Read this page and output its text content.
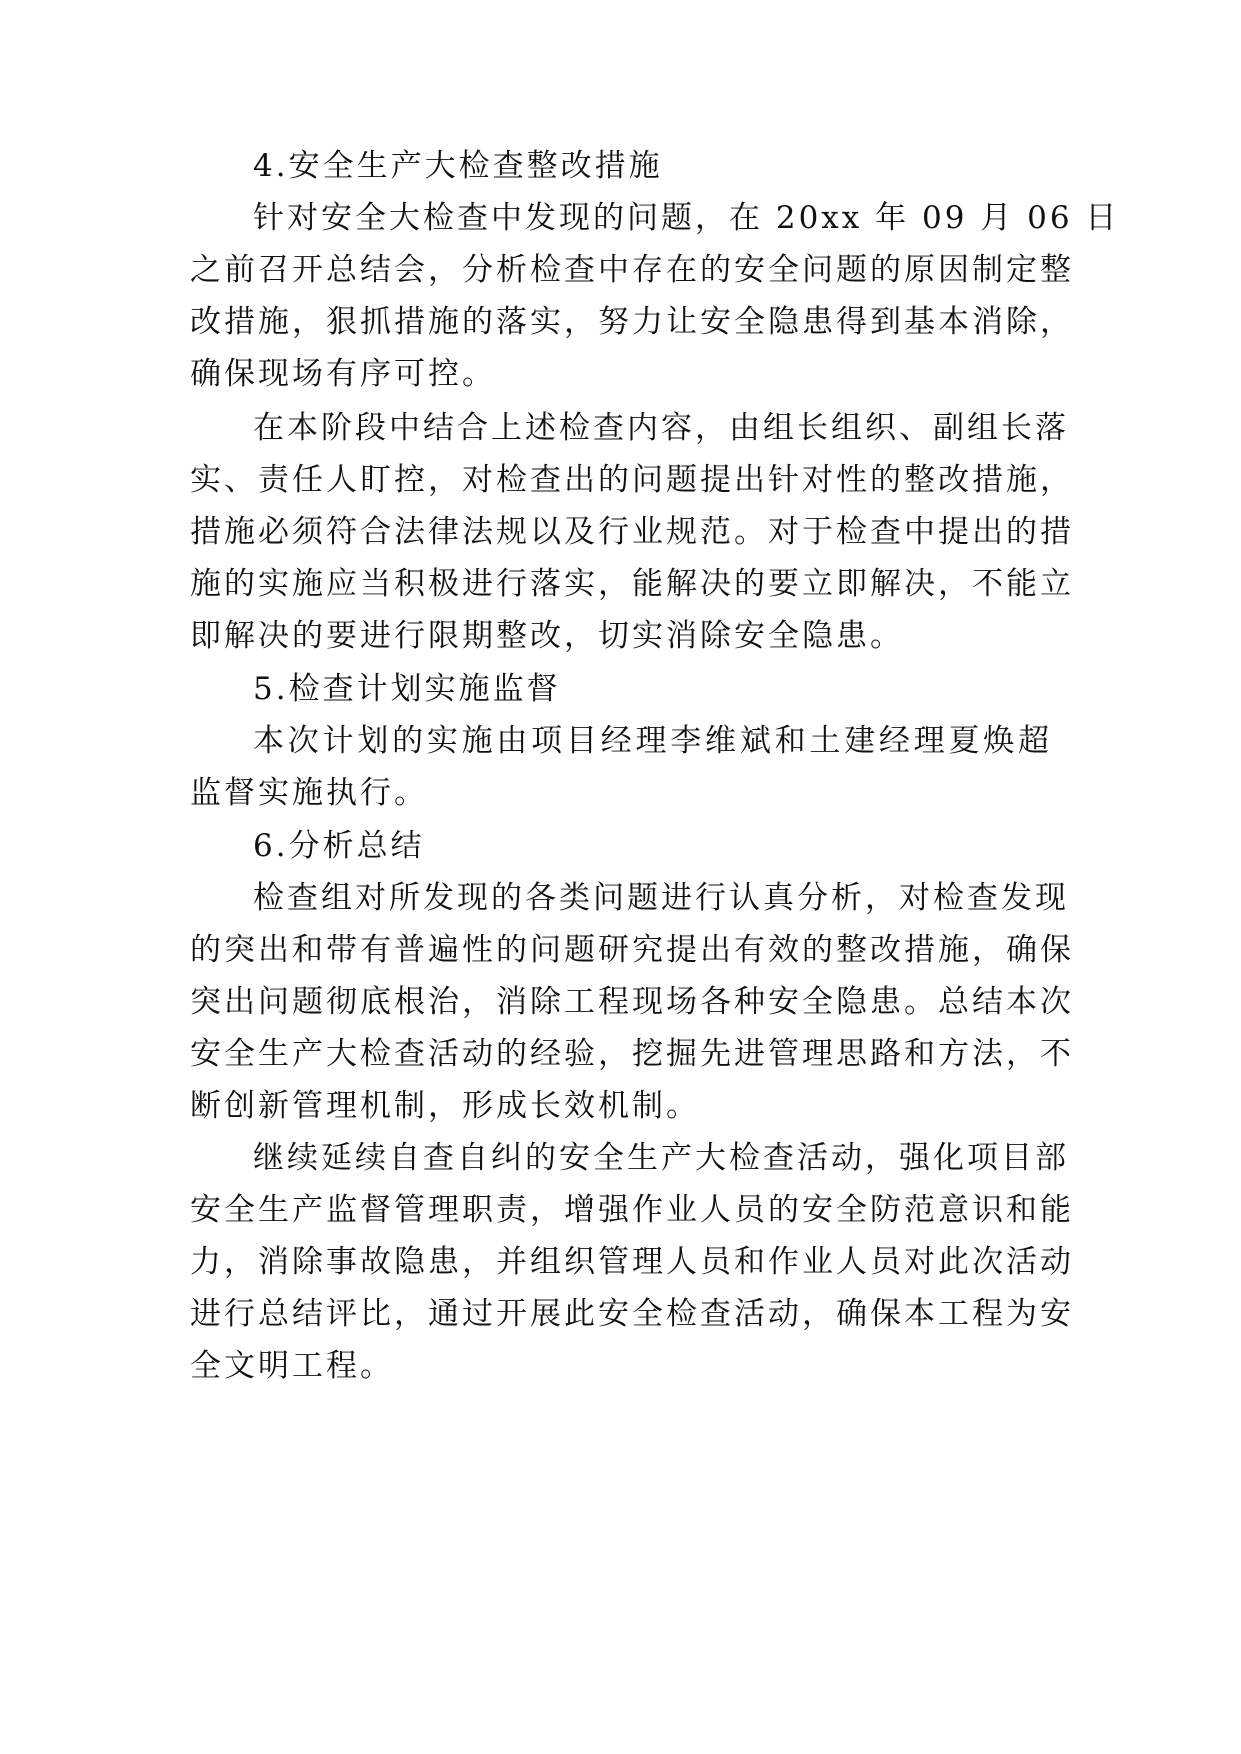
4.安全生产大检查整改措施
针对安全大检查中发现的问题，在 20xx 年 09 月 06 日
之前召开总结会，分析检查中存在的安全问题的原因制定整
改措施，狠抓措施的落实，努力让安全隐患得到基本消除，
确保现场有序可控。
在本阶段中结合上述检查内容，由组长组织、副组长落
实、责任人盯控，对检查出的问题提出针对性的整改措施，
措施必须符合法律法规以及行业规范。对于检查中提出的措
施的实施应当积极进行落实，能解决的要立即解决，不能立
即解决的要进行限期整改，切实消除安全隐患。
5.检查计划实施监督
本次计划的实施由项目经理李维斌和土建经理夏焕超
监督实施执行。
6.分析总结
检查组对所发现的各类问题进行认真分析，对检查发现
的突出和带有普遍性的问题研究提出有效的整改措施，确保
突出问题彻底根治，消除工程现场各种安全隐患。总结本次
安全生产大检查活动的经验，挖掘先进管理思路和方法，不
断创新管理机制，形成长效机制。
继续延续自查自纠的安全生产大检查活动，强化项目部
安全生产监督管理职责，增强作业人员的安全防范意识和能
力，消除事故隐患，并组织管理人员和作业人员对此次活动
进行总结评比，通过开展此安全检查活动，确保本工程为安
全文明工程。
